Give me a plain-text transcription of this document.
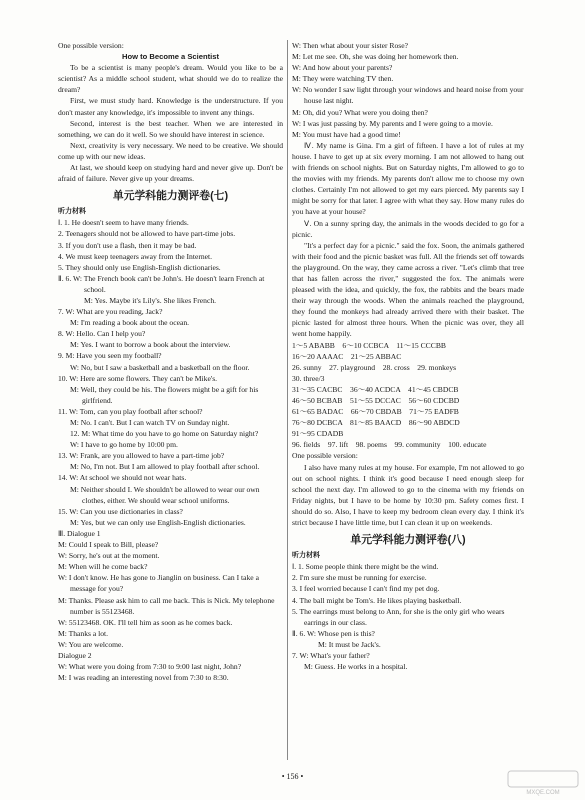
One possible version:

How to Become a Scientist

To be a scientist is many people's dream. Would you like to be a scientist? As a middle school student, what should we do to realize the dream?

First, we must study hard. Knowledge is the understructure. If you don't master any knowledge, it's impossible to invent any things.

Second, interest is the best teacher. When we are interested in something, we can do it well. So we should have interest in science.

Next, creativity is very necessary. We need to be creative. We should come up with our new ideas.

At last, we should keep on studying hard and never give up. Don't be afraid of failure. Never give up your dreams.

单元学科能力测评卷(七)
听力材料

Ⅰ. 1. He doesn't seem to have many friends.

2. Teenagers should not be allowed to have part-time jobs.

3. If you don't use a flash, then it may be bad.

4. We must keep teenagers away from the Internet.

5. They should only use English-English dictionaries.

Ⅱ. 6. W: The French book can't be John's. He doesn't learn French at school.

M: Yes. Maybe it's Lily's. She likes French.

7. W: What are you reading, Jack?

M: I'm reading a book about the ocean.

8. W: Hello. Can I help you?

M: Yes. I want to borrow a book about the interview.

9. M: Have you seen my football?

W: No, but I saw a basketball and a basketball on the floor.

10. W: Here are some flowers. They can't be Mike's.

M: Well, they could be his. The flowers might be a gift for his girlfriend.

11. W: Tom, can you play football after school?

M: No. I can't. But I can watch TV on Sunday night.

12. M: What time do you have to go home on Saturday night?

W: I have to go home by 10:00 pm.

13. W: Frank, are you allowed to have a part-time job?

M: No, I'm not. But I am allowed to play football after school.

14. W: At school we should not wear hats.

M: Neither should I. We shouldn't be allowed to wear our own clothes, either. We should wear school uniforms.

15. W: Can you use dictionaries in class?

M: Yes, but we can only use English-English dictionaries.

Ⅲ. Dialogue 1

M: Could I speak to Bill, please?

W: Sorry, he's out at the moment.

M: When will he come back?

W: I don't know. He has gone to Jianglin on business. Can I take a message for you?

M: Thanks. Please ask him to call me back. This is Nick. My telephone number is 55123468.

W: 55123468. OK. I'll tell him as soon as he comes back.

M: Thanks a lot.

W: You are welcome.

Dialogue 2

W: What were you doing from 7:30 to 9:00 last night, John?

M: I was reading an interesting novel from 7:30 to 8:30.

W: Then what about your sister Rose?

M: Let me see. Oh, she was doing her homework then.

W: And how about your parents?

M: They were watching TV then.

W: No wonder I saw light through your windows and heard noise from your house last night.

M: Oh, did you? What were you doing then?

W: I was just passing by. My parents and I were going to a movie.

M: You must have had a good time!

Ⅳ. My name is Gina. I'm a girl of fifteen. I have a lot of rules at my house. I have to get up at six every morning. I am not allowed to hang out with friends on school nights. But on Saturday nights, I'm allowed to go to the movies with my friends. My parents don't allow me to choose my own clothes. Certainly I'm not allowed to get my ears pierced. My parents say I might be sorry for that later. I agree with what they say. How many rules do you have at your house?

Ⅴ. On a sunny spring day, the animals in the woods decided to go for a picnic.

"It's a perfect day for a picnic." said the fox. Soon, the animals gathered with their food and the picnic basket was full. All the friends set off towards the playground. On the way, they came across a river. "Let's climb that tree that has fallen across the river," suggested the fox. The animals were pleased with the idea, and quickly, the fox, the rabbits and the bears made their way through the woods. When the animals reached the playground, they found the monkeys had already arrived there with their basket. The picnic lasted for almost three hours. When the picnic was over, they all went home happily.

1～5 ABABB　6～10 CCBCA　11～15 CCCBB

16～20 AAAAC　21～25 ABBAC

26. sunny　27. playground　28. cross　29. monkeys

30. three/3

31～35 CACBC　36～40 ACDCA　41～45 CBDCB

46～50 BCBAB　51～55 DCCAC　56～60 CDCBD

61～65 BADAC　66～70 CBDAB　71～75 EADFB

76～80 DCBCA　81～85 BAACD　86～90 ABDCD

91～95 CDADB

96. fields　97. lift　98. poems　99. community　100. educate

One possible version:

I also have many rules at my house. For example, I'm not allowed to go out on school nights. I think it's good because I need enough sleep for school the next day. I'm allowed to go to the cinema with my friends on Friday nights, but I have to be home by 10:30 pm. Safety comes first. I should do so. Also, I have to keep my bedroom clean every day. I think it's strict because I have little time, but I can clean it up on weekends.

单元学科能力测评卷(八)
听力材料

Ⅰ. 1. Some people think there might be the wind.

2. I'm sure she must be running for exercise.

3. I feel worried because I can't find my pet dog.

4. The ball might be Tom's. He likes playing basketball.

5. The earrings must belong to Ann, for she is the only girl who wears earrings in our class.

Ⅱ. 6. W: Whose pen is this?

M: It must be Jack's.

7. W: What's your father?

M: Guess. He works in a hospital.

• 156 •
MXQE.COM
